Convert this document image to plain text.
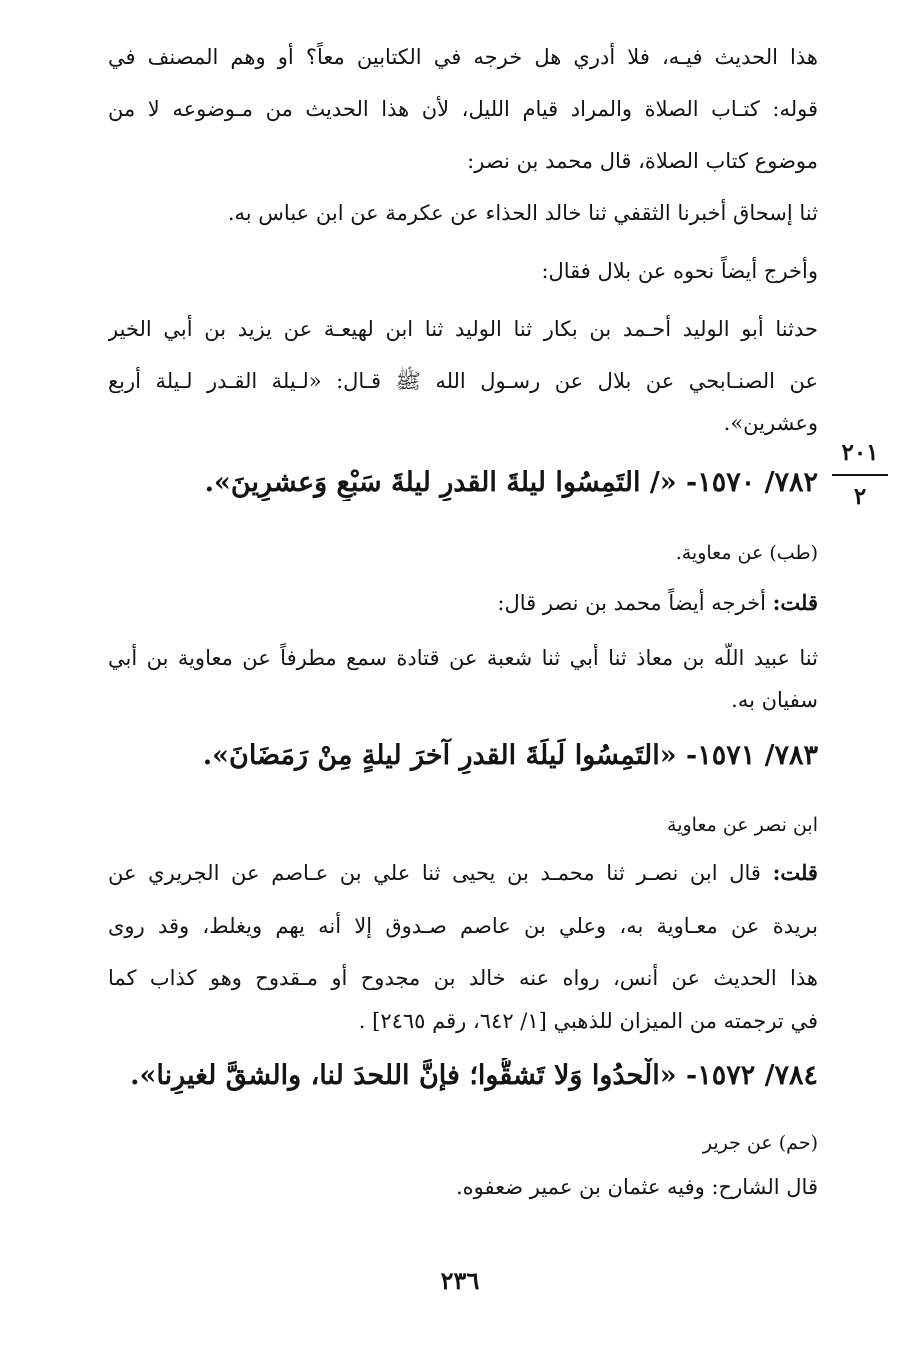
هذا الحديث فيـه، فلا أدري هل خرجه في الكتابين معاً؟ أو وهم المصنف في
قوله: كتـاب الصلاة والمراد قيام الليل، لأن هذا الحديث من مـوضوعه لا من
موضوع كتاب الصلاة، قال محمد بن نصر:
ثنا إسحاق أخبرنا الثقفي ثنا خالد الحذاء عن عكرمة عن ابن عباس به.
وأخرج أيضاً نحوه عن بلال فقال:
حدثنا أبو الوليد أحـمد بن بكار ثنا الوليد ثنا ابن لهيعـة عن يزيد بن أبي الخير
عن الصنـابحي عن بلال عن رسـول الله ﷺ قـال: «لـيلة القـدر لـيلة أربع
وعشرين».
٧٨٢/ ١٥٧٠- «/ التَمِسُوا ليلةَ القدرِ ليلةَ سَبْعٍ وَعشرِينَ».
(طب) عن معاوية.
قلت: أخرجه أيضاً محمد بن نصر قال:
ثنا عبيد اللّه بن معاذ ثنا أبي ثنا شعبة عن قتادة سمع مطرفاً عن معاوية بن أبي
سفيان به.
٧٨٣/ ١٥٧١- «التَمِسُوا لَيلَةَ القدرِ آخرَ ليلةٍ مِنْ رَمَضَانَ».
ابن نصر عن معاوية
قلت: قال ابن نصـر ثنا محمـد بن يحيى ثنا علي بن عـاصم عن الجريري عن
بريدة عن معـاوية به، وعلي بن عاصم صـدوق إلا أنه يهم ويغلط، وقد روى
هذا الحديث عن أنس، رواه عنه خالد بن مجدوح أو مـقدوح وهو كذاب كما
في ترجمته من الميزان للذهبي [١/ ٦٤٢، رقم ٢٤٦٥] .
٧٨٤/ ١٥٧٢- «الْحدُوا وَلا تَشقُّوا؛ فإنَّ اللحدَ لنا، والشقَّ لغيرِنا».
(حم) عن جرير
قال الشارح: وفيه عثمان بن عمير ضعفوه.
٢٠١
٢
٢٣٦
